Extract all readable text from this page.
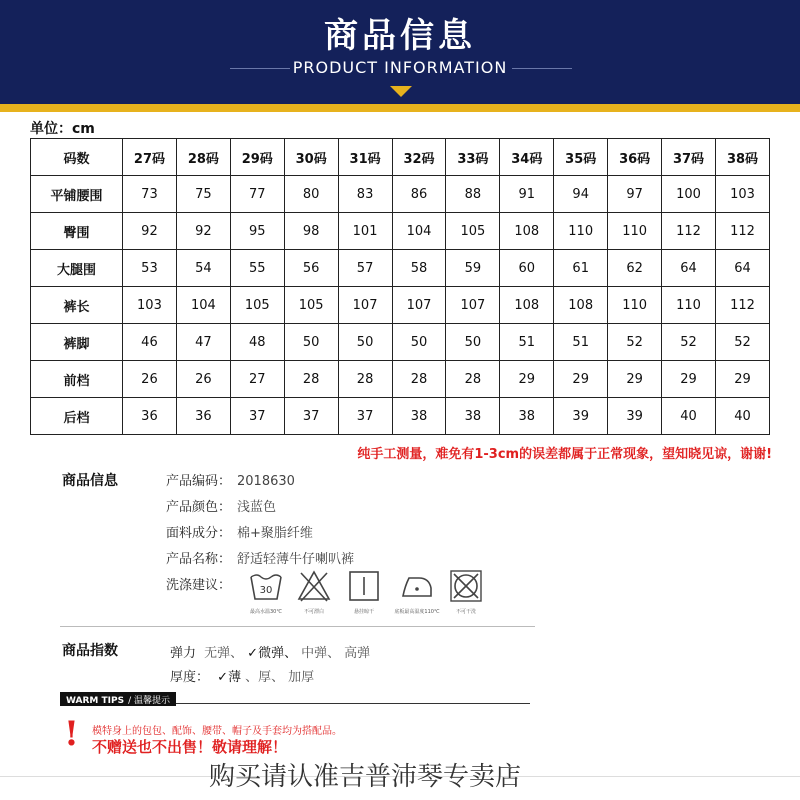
商品信息
PRODUCT INFORMATION
单位：cm
码数	27码	28码	29码	30码	31码	32码	33码	34码	35码	36码	37码	38码
平铺腰围	73	75	77	80	83	86	88	91	94	97	100	103
臀围	92	92	95	98	101	104	105	108	110	110	112	112
大腿围	53	54	55	56	57	58	59	60	61	62	64	64
裤长	103	104	105	105	107	107	107	108	108	110	110	112
裤脚	46	47	48	50	50	50	50	51	51	52	52	52
前档	26	26	27	28	28	28	28	29	29	29	29	29
后档	36	36	37	37	37	38	38	38	39	39	40	40
纯手工测量，难免有1-3cm的误差都属于正常现象，望知晓见谅，谢谢!
商品信息	产品编码： 2018630
产品颜色： 浅蓝色
面料成分： 棉+聚脂纤维
产品名称： 舒适轻薄牛仔喇叭裤
洗涤建议：	30
最高水温30℃	不可漂白	悬挂晾干	底板最高温度110℃	不可干洗
商品指数	弹力 无弹、 ✓微弹、 中弹、 高弹
厚度： ✓薄 、厚、 加厚
WARM TIPS / 温馨提示
! 模特身上的包包、配饰、腰带、帽子及手套均为搭配品。
不赠送也不出售！敬请理解！
购买请认准吉普沛琴专卖店
